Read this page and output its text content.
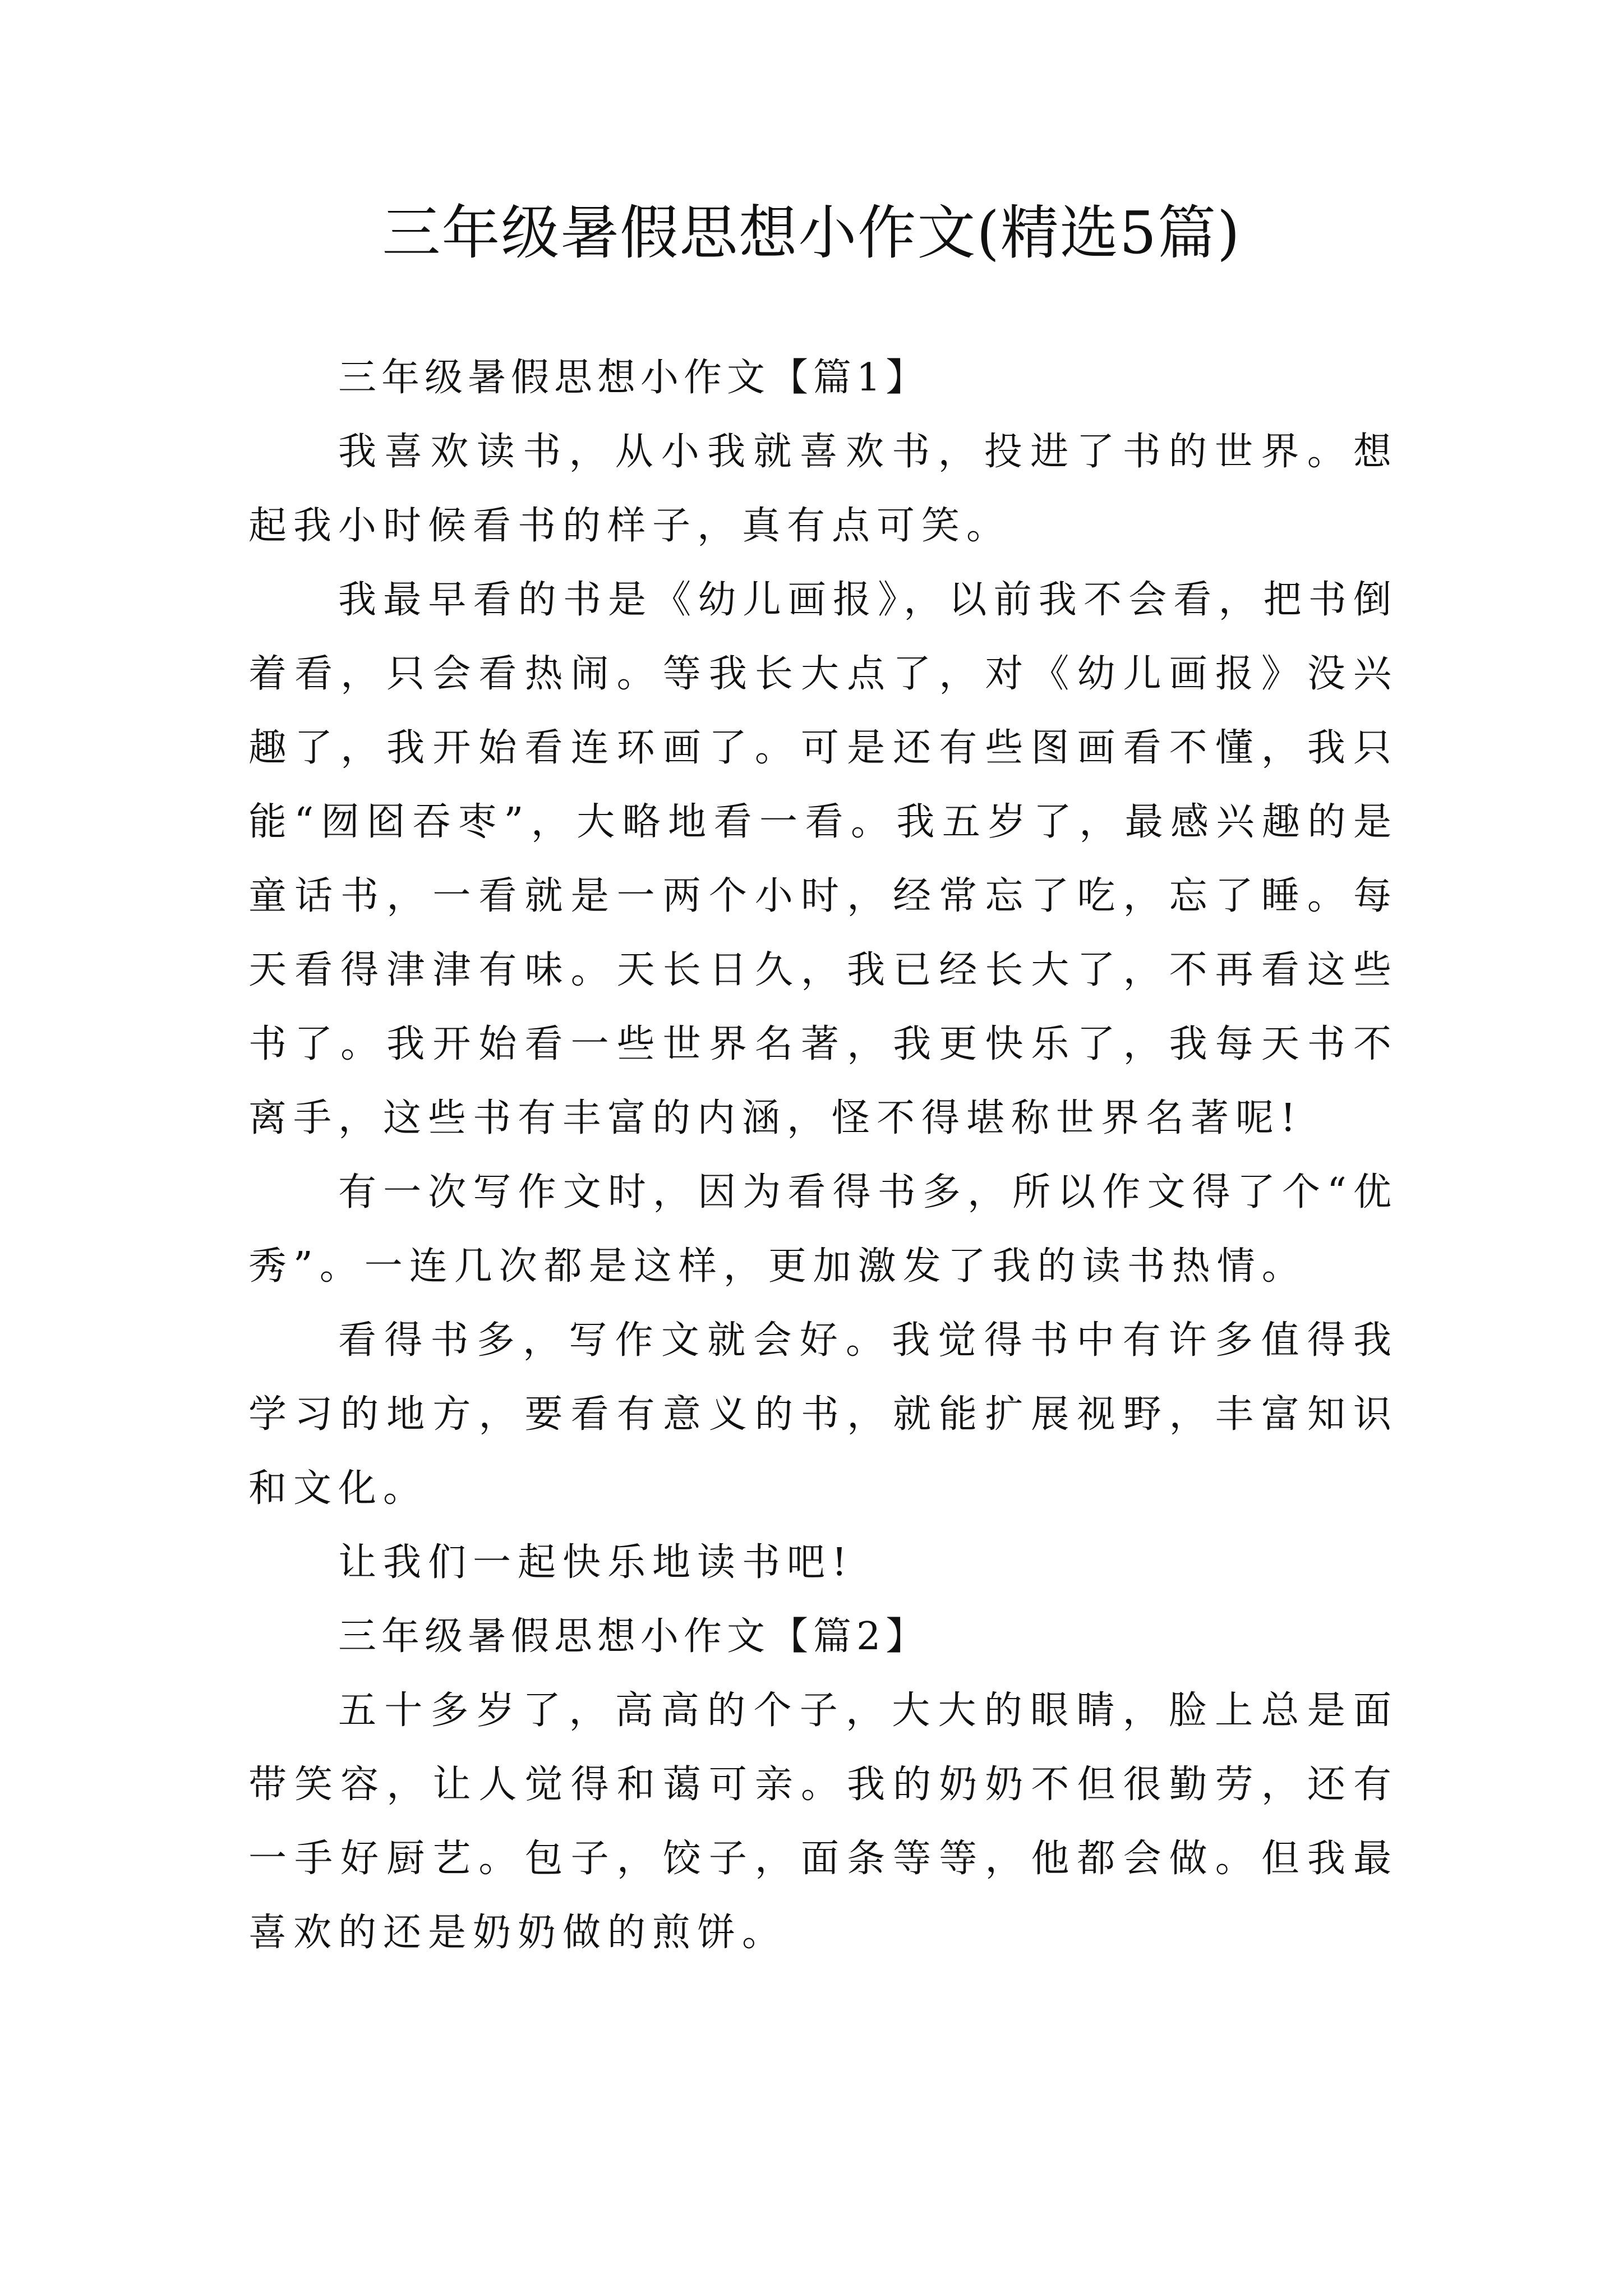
三年级暑假思想小作文(精选5篇)

三年级暑假思想小作文【篇1】

我喜欢读书，从小我就喜欢书，投进了书的世界。想起我小时候看书的样子，真有点可笑。

我最早看的书是《幼儿画报》，以前我不会看，把书倒着看，只会看热闹。等我长大点了，对《幼儿画报》没兴趣了，我开始看连环画了。可是还有些图画看不懂，我只能“囫囵吞枣”，大略地看一看。我五岁了，最感兴趣的是童话书，一看就是一两个小时，经常忘了吃，忘了睡。每天看得津津有味。天长日久，我已经长大了，不再看这些书了。我开始看一些世界名著，我更快乐了，我每天书不离手，这些书有丰富的内涵，怪不得堪称世界名著呢!

有一次写作文时，因为看得书多，所以作文得了个“优秀”。一连几次都是这样，更加激发了我的读书热情。

看得书多，写作文就会好。我觉得书中有许多值得我学习的地方，要看有意义的书，就能扩展视野，丰富知识和文化。

让我们一起快乐地读书吧!

三年级暑假思想小作文【篇2】

五十多岁了，高高的个子，大大的眼睛，脸上总是面带笑容，让人觉得和蔼可亲。我的奶奶不但很勤劳，还有一手好厨艺。包子，饺子，面条等等，他都会做。但我最喜欢的还是奶奶做的煎饼。
